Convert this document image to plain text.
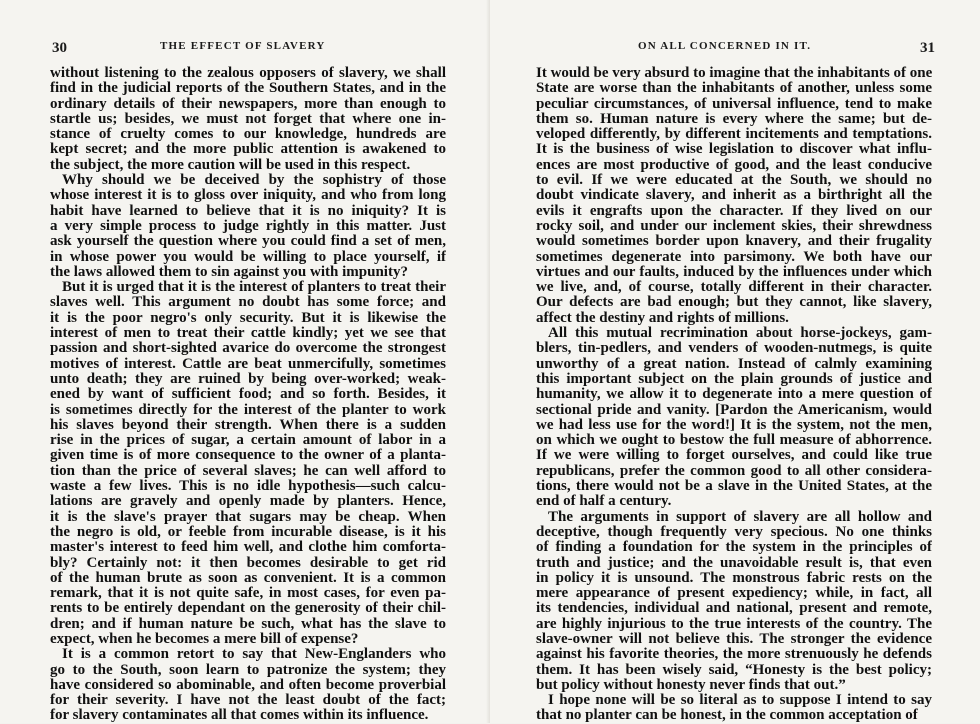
30	THE EFFECT OF SLAVERY
without listening to the zealous opposers of slavery, we shall
find in the judicial reports of the Southern States, and in the
ordinary details of their newspapers, more than enough to
startle us; besides, we must not forget that where one in-
stance of cruelty comes to our knowledge, hundreds are
kept secret; and the more public attention is awakened to
the subject, the more caution will be used in this respect.
Why should we be deceived by the sophistry of those
whose interest it is to gloss over iniquity, and who from long
habit have learned to believe that it is no iniquity? It is
a very simple process to judge rightly in this matter. Just
ask yourself the question where you could find a set of men,
in whose power you would be willing to place yourself, if
the laws allowed them to sin against you with impunity?
But it is urged that it is the interest of planters to treat their
slaves well. This argument no doubt has some force; and
it is the poor negro's only security. But it is likewise the
interest of men to treat their cattle kindly; yet we see that
passion and short-sighted avarice do overcome the strongest
motives of interest. Cattle are beat unmercifully, sometimes
unto death; they are ruined by being over-worked; weak-
ened by want of sufficient food; and so forth. Besides, it
is sometimes directly for the interest of the planter to work
his slaves beyond their strength. When there is a sudden
rise in the prices of sugar, a certain amount of labor in a
given time is of more consequence to the owner of a planta-
tion than the price of several slaves; he can well afford to
waste a few lives. This is no idle hypothesis—such calcu-
lations are gravely and openly made by planters. Hence,
it is the slave's prayer that sugars may be cheap. When
the negro is old, or feeble from incurable disease, is it his
master's interest to feed him well, and clothe him comforta-
bly? Certainly not: it then becomes desirable to get rid
of the human brute as soon as convenient. It is a common
remark, that it is not quite safe, in most cases, for even pa-
rents to be entirely dependant on the generosity of their chil-
dren; and if human nature be such, what has the slave to
expect, when he becomes a mere bill of expense?
It is a common retort to say that New-Englanders who
go to the South, soon learn to patronize the system; they
have considered so abominable, and often become proverbial
for their severity. I have not the least doubt of the fact;
for slavery contaminates all that comes within its influence.
ON ALL CONCERNED IN IT.	31
It would be very absurd to imagine that the inhabitants of one
State are worse than the inhabitants of another, unless some
peculiar circumstances, of universal influence, tend to make
them so. Human nature is every where the same; but de-
veloped differently, by different incitements and temptations.
It is the business of wise legislation to discover what influ-
ences are most productive of good, and the least conducive
to evil. If we were educated at the South, we should no
doubt vindicate slavery, and inherit as a birthright all the
evils it engrafts upon the character. If they lived on our
rocky soil, and under our inclement skies, their shrewdness
would sometimes border upon knavery, and their frugality
sometimes degenerate into parsimony. We both have our
virtues and our faults, induced by the influences under which
we live, and, of course, totally different in their character.
Our defects are bad enough; but they cannot, like slavery,
affect the destiny and rights of millions.
All this mutual recrimination about horse-jockeys, gam-
blers, tin-pedlers, and venders of wooden-nutmegs, is quite
unworthy of a great nation. Instead of calmly examining
this important subject on the plain grounds of justice and
humanity, we allow it to degenerate into a mere question of
sectional pride and vanity. [Pardon the Americanism, would
we had less use for the word!] It is the system, not the men,
on which we ought to bestow the full measure of abhorrence.
If we were willing to forget ourselves, and could like true
republicans, prefer the common good to all other considera-
tions, there would not be a slave in the United States, at the
end of half a century.
The arguments in support of slavery are all hollow and
deceptive, though frequently very specious. No one thinks
of finding a foundation for the system in the principles of
truth and justice; and the unavoidable result is, that even
in policy it is unsound. The monstrous fabric rests on the
mere appearance of present expediency; while, in fact, all
its tendencies, individual and national, present and remote,
are highly injurious to the true interests of the country. The
slave-owner will not believe this. The stronger the evidence
against his favorite theories, the more strenuously he defends
them. It has been wisely said, “Honesty is the best policy;
but policy without honesty never finds that out.”
I hope none will be so literal as to suppose I intend to say
that no planter can be honest, in the common acceptation of
